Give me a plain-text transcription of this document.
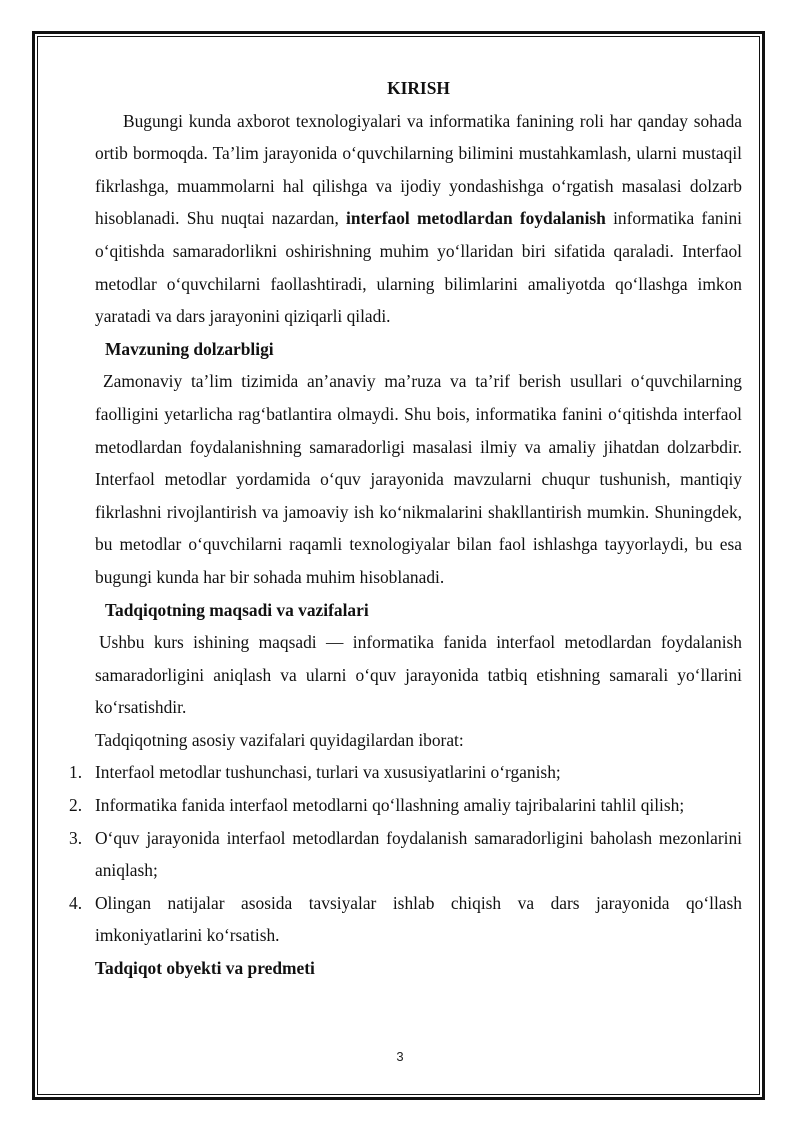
KIRISH

Bugungi kunda axborot texnologiyalari va informatika fanining roli har qanday sohada ortib bormoqda. Ta’lim jarayonida o‘quvchilarning bilimini mustahkamlash, ularni mustaqil fikrlashga, muammolarni hal qilishga va ijodiy yondashishga o‘rgatish masalasi dolzarb hisoblanadi. Shu nuqtai nazardan, interfaol metodlardan foydalanish informatika fanini o‘qitishda samaradorlikni oshirishning muhim yo‘llaridan biri sifatida qaraladi. Interfaol metodlar o‘quvchilarni faollashtiradi, ularning bilimlarini amaliyotda qo‘llashga imkon yaratadi va dars jarayonini qiziqarli qiladi.

Mavzuning dolzarbligi

Zamonaviy ta’lim tizimida an’anaviy ma’ruza va ta’rif berish usullari o‘quvchilarning faolligini yetarlicha rag‘batlantira olmaydi. Shu bois, informatika fanini o‘qitishda interfaol metodlardan foydalanishning samaradorligi masalasi ilmiy va amaliy jihatdan dolzarbdir. Interfaol metodlar yordamida o‘quv jarayonida mavzularni chuqur tushunish, mantiqiy fikrlashni rivojlantirish va jamoaviy ish ko‘nikmalarini shakllantirish mumkin. Shuningdek, bu metodlar o‘quvchilarni raqamli texnologiyalar bilan faol ishlashga tayyorlaydi, bu esa bugungi kunda har bir sohada muhim hisoblanadi.

Tadqiqotning maqsadi va vazifalari

Ushbu kurs ishining maqsadi — informatika fanida interfaol metodlardan foydalanish samaradorligini aniqlash va ularni o‘quv jarayonida tatbiq etishning samarali yo‘llarini ko‘rsatishdir.

Tadqiqotning asosiy vazifalari quyidagilardan iborat:

1. Interfaol metodlar tushunchasi, turlari va xususiyatlarini o‘rganish;
2. Informatika fanida interfaol metodlarni qo‘llashning amaliy tajribalarini tahlil qilish;
3. O‘quv jarayonida interfaol metodlardan foydalanish samaradorligini baholash mezonlarini aniqlash;
4. Olingan natijalar asosida tavsiyalar ishlab chiqish va dars jarayonida qo‘llash imkoniyatlarini ko‘rsatish.

Tadqiqot obyekti va predmeti

3
